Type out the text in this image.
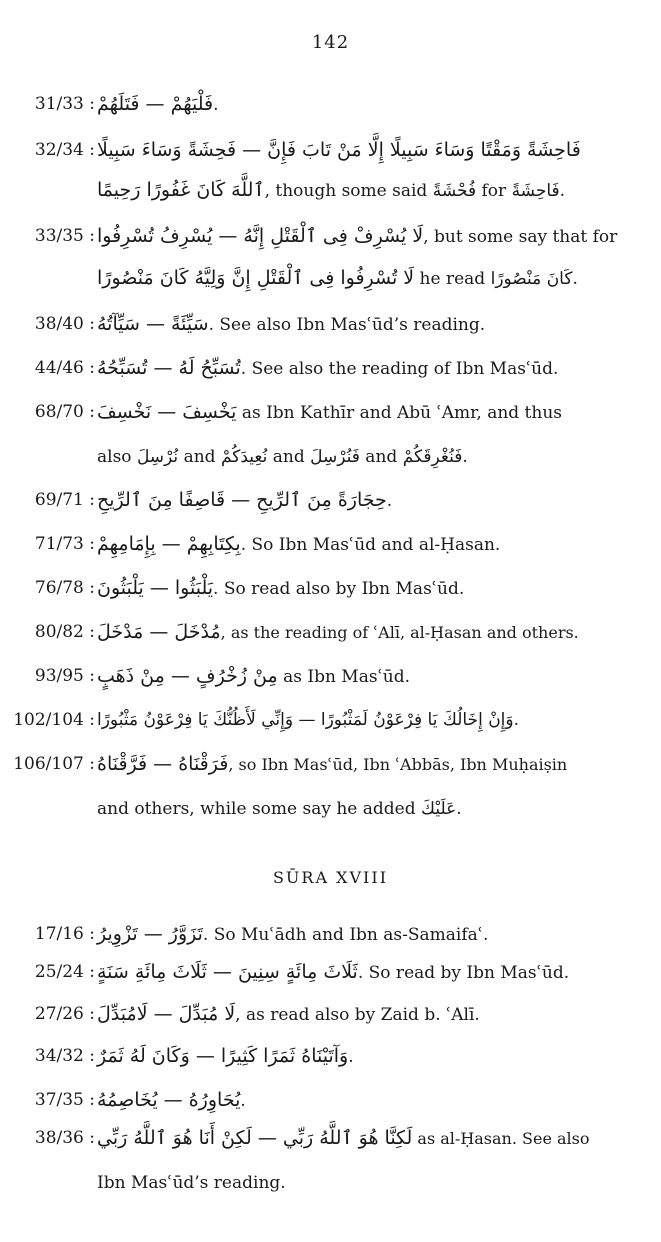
142
31/33 : فَلْيَهُمْ — فَتَلَهُمْ.
32/34 : فَاحِشَةً وَمَقْتًا وَسَاءَ سَبِيلًا إِلَّا مَنْ تَابَ فَإِنَّ — فَحِشَةً وَسَاءَ سَبِيلًا
ٱللَّهَ كَانَ غَفُورًا رَحِيمًا, though some said فُحْشَةً for فَاحِشَةً.
33/35 : لَا يُسْرِفْ فِى ٱلْقَتْلِ إِنَّهُ — يُسْرِفُ تُسْرِفُوا, but some say that for
لَا تُسْرِفُوا فِى ٱلْقَتْلِ إِنَّ وَلِيَّهُ كَانَ مَنْصُورًا he read كَانَ مَنْصُورًا.
38/40 : سَيِّئَةً — سَيِّآتُهُ. See also Ibn Masʿūd’s reading.
44/46 : تُسَبِّحُ لَهُ — تُسَبِّحُهُ. See also the reading of Ibn Masʿūd.
68/70 : يَخْسِفَ — نَخْسِفَ as Ibn Kathīr and Abū ʿAmr, and thus
also نُرْسِلَ and نُعِيدَكُمْ and فَنُرْسِلَ and فَنُغْرِقَكُمْ.
69/71 : حِجَارَةً مِنَ ٱلرِّيحِ — قَاصِفًا مِنَ ٱلرِّيحِ.
71/73 : بِكِتَابِهِمْ — بِإِمَامِهِمْ. So Ibn Masʿūd and al-Ḥasan.
76/78 : يَلْبَثُوا — يَلْبَثُونَ. So read also by Ibn Masʿūd.
80/82 : مُدْخَلَ — مَدْخَلَ, as the reading of ʿAlī, al-Ḥasan and others.
93/95 : مِنْ زُخْرُفٍ — مِنْ ذَهَبٍ as Ibn Masʿūd.
102/104 : وَإِنْ إِخَالُكَ يَا فِرْعَوْنُ لَمَثْبُورًا — وَإِنِّي لَأَظُنُّكَ يَا فِرْعَوْنُ مَثْبُورًا.
106/107 : فَرَقْنَاهُ — فَرَّقْنَاهُ, so Ibn Masʿūd, Ibn ʿAbbās, Ibn Muḥaiṣin
and others, while some say he added عَلَيْكَ.
SŪRA XVIII
17/16 : تَزَوَّرُ — تَزْوِيرُ. So Muʿādh and Ibn as-Samaifaʿ.
25/24 : ثَلَاثَ مِائَةٍ سِنِينَ — ثَلَاثَ مِائَةِ سَنَةٍ. So read by Ibn Masʿūd.
27/26 : لَا مُبَدِّلَ — لَامُبَدِّلَ, as read also by Zaid b. ʿAlī.
34/32 : وَآتَيْنَاهُ ثَمَرًا كَثِيرًا — وَكَانَ لَهُ ثَمَرٌ.
37/35 : يُحَاوِرُهُ — يُخَاصِمُهُ.
38/36 : لَكِنَّا هُوَ ٱللَّهُ رَبِّي — لَكِنْ أَنَا هُوَ ٱللَّهُ رَبِّي as al-Ḥasan. See also
Ibn Masʿūd’s reading.
